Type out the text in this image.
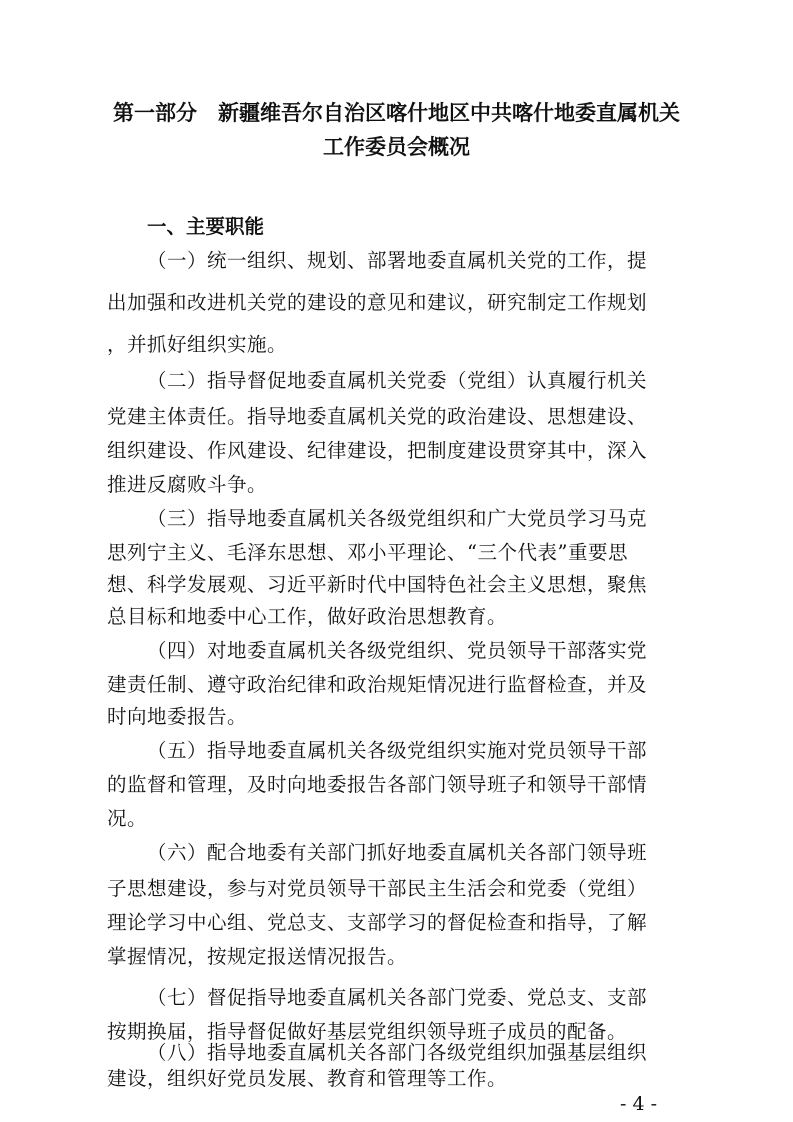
第一部分　新疆维吾尔自治区喀什地区中共喀什地委直属机关
工作委员会概况
一、主要职能
（一）统一组织、规划、部署地委直属机关党的工作，提
出加强和改进机关党的建设的意见和建议，研究制定工作规划
，并抓好组织实施。
（二）指导督促地委直属机关党委（党组）认真履行机关
党建主体责任。指导地委直属机关党的政治建设、思想建设、
组织建设、作风建设、纪律建设，把制度建设贯穿其中，深入
推进反腐败斗争。
（三）指导地委直属机关各级党组织和广大党员学习马克
思列宁主义、毛泽东思想、邓小平理论、“三个代表”重要思
想、科学发展观、习近平新时代中国特色社会主义思想，聚焦
总目标和地委中心工作，做好政治思想教育。
（四）对地委直属机关各级党组织、党员领导干部落实党
建责任制、遵守政治纪律和政治规矩情况进行监督检查，并及
时向地委报告。
（五）指导地委直属机关各级党组织实施对党员领导干部
的监督和管理，及时向地委报告各部门领导班子和领导干部情
况。
（六）配合地委有关部门抓好地委直属机关各部门领导班
子思想建设，参与对党员领导干部民主生活会和党委（党组）
理论学习中心组、党总支、支部学习的督促检查和指导，了解
掌握情况，按规定报送情况报告。
（七）督促指导地委直属机关各部门党委、党总支、支部
按期换届，指导督促做好基层党组织领导班子成员的配备。
（八）指导地委直属机关各部门各级党组织加强基层组织
建设，组织好党员发展、教育和管理等工作。
- 4 -
